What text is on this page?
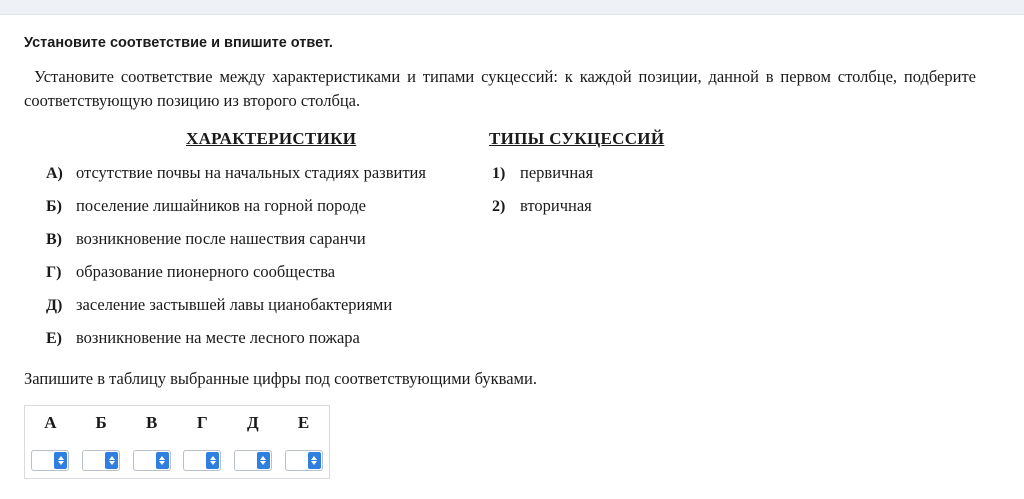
Установите соответствие и впишите ответ.
Установите соответствие между характеристиками и типами сукцессий: к каждой позиции, данной в первом столбце, подберите соответствующую позицию из второго столбца.
ХАРАКТЕРИСТИКИ	ТИПЫ СУКЦЕССИЙ
А) отсутствие почвы на начальных стадиях развития
Б) поселение лишайников на горной породе
В) возникновение после нашествия саранчи
Г) образование пионерного сообщества
Д) заселение застывшей лавы цианобактериями
Е) возникновение на месте лесного пожара
1) первичная
2) вторичная
Запишите в таблицу выбранные цифры под соответствующими буквами.
А	Б	В	Г	Д	Е
